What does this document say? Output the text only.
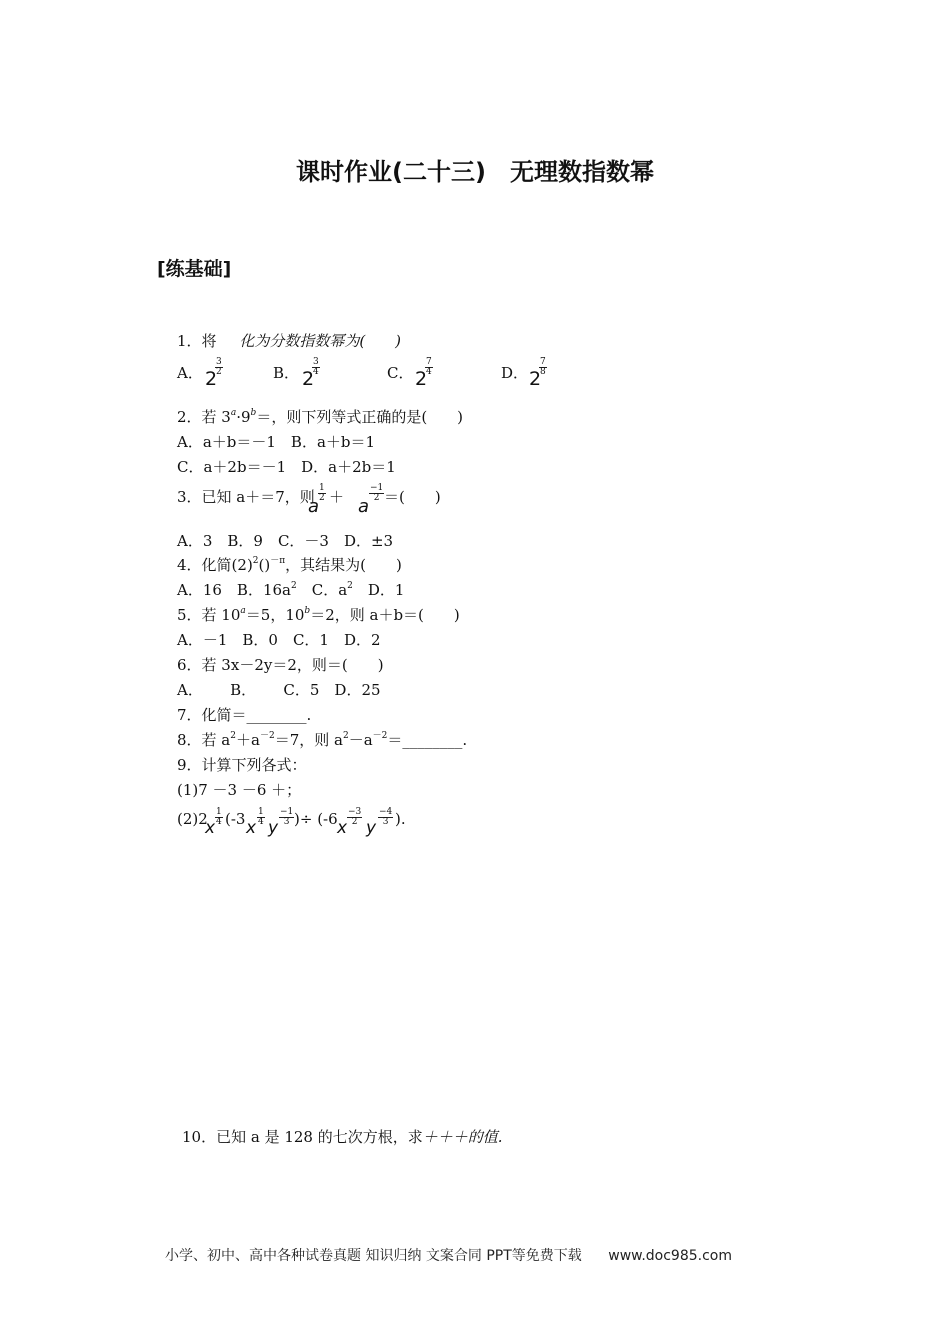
课时作业(二十三)　无理数指数幂
[练基础]
1．将 化为分数指数幂为(　　)
A． 2
$\frac{3}{2}$	B． 2
$\frac{3}{4}$	C． 2
$\frac{7}{4}$	D． 2
$\frac{7}{8}$
2．若 $3^a\cdot 9^b=$，则下列等式正确的是(　　)
A．a＋b＝－1　B．a＋b＝1
C．a＋2b＝－1　D．a＋2b＝1
3．已知 a＋＝7，则
a
$\frac{1}{2} + a$
$\frac{-1}{2}$ ＝(　　)
A．3　B．9　C．－3　D．±3
4．化简$(2)^2()^{-\pi}$，其结果为(　　)
A．16　B．$16a^2$　C．$a^2$　D．1
5．若 $10^a=5$，$10^b=2$，则 a＋b＝(　　)
A．－1　B．0　C．1　D．2
6．若 3x－2y＝2，则＝(　　)
A．　　 B．　　 C．5　D．25
7．化简＝________.
8．若 $a^2+a^{-2}=7$，则 $a^2-a^{-2}=\_\_\_\_\_\_\_\_$.
9．计算下列各式：
(1)7 －3 －6 ＋；
(2)2
x
$\frac{1}{4} (-3$ x
$\frac{1}{4}$
y
$\frac{-1}{3}$ )÷ (-6 x
$\frac{-3}{2}$
y
$\frac{-4}{3}$ ).
10．已知 a 是 128 的七次方根，求＋＋＋的值.
小学、初中、高中各种试卷真题 知识归纳 文案合同 PPT等免费下载 www.doc985.com
